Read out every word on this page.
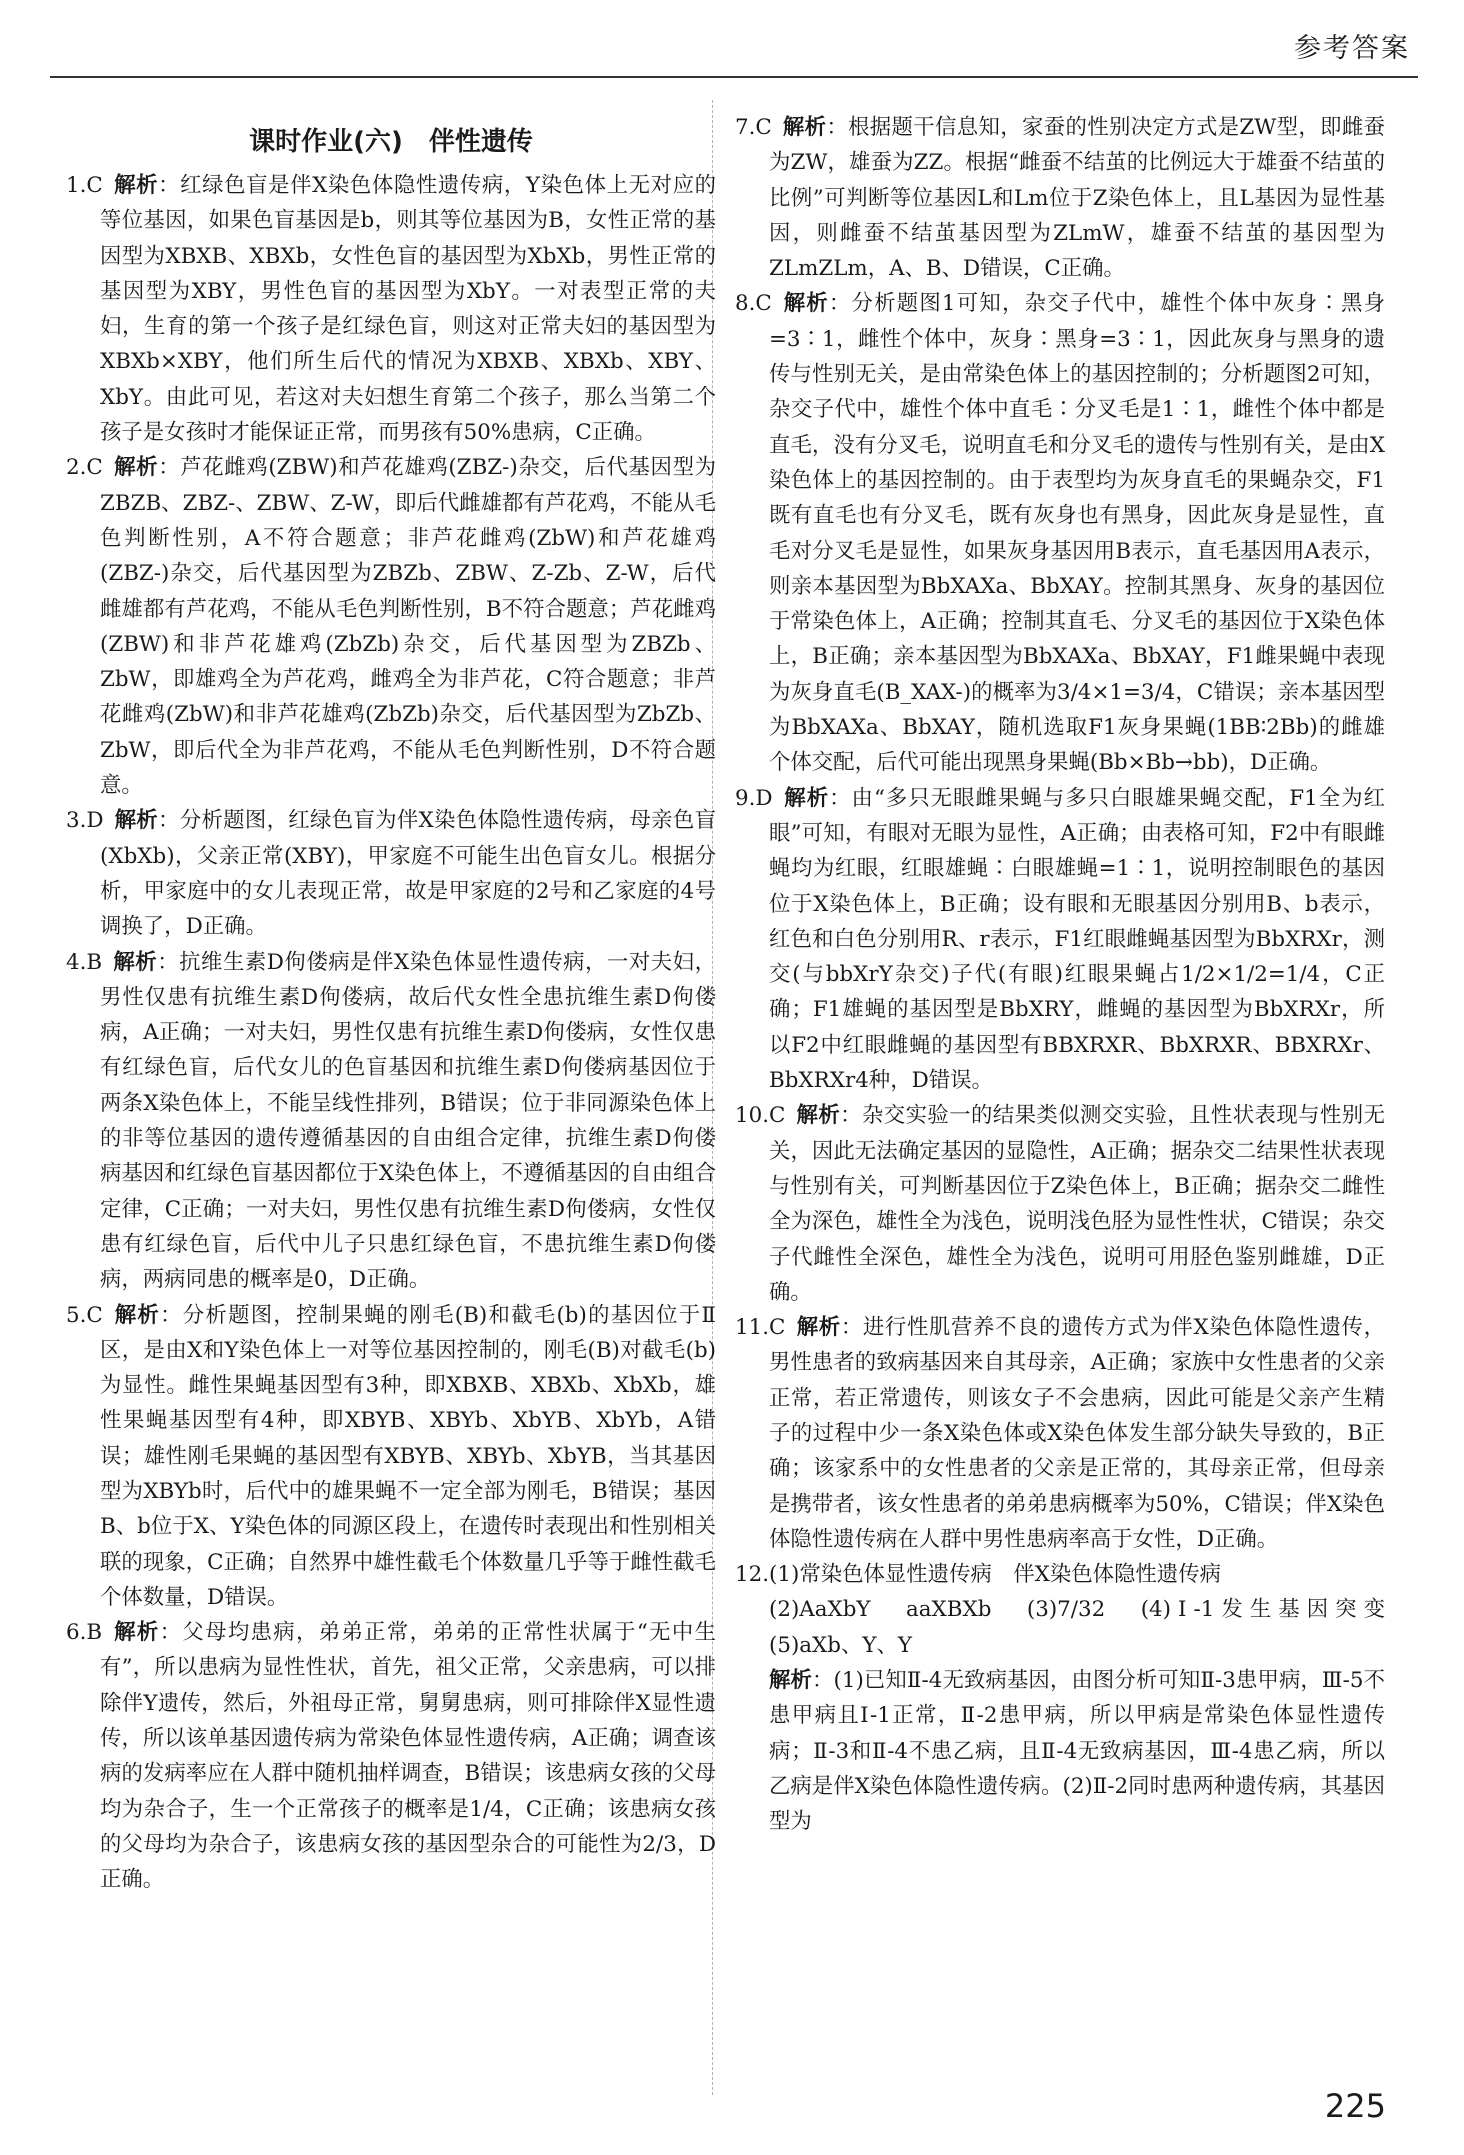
参考答案
课时作业(六)　伴性遗传

1.C  解析：红绿色盲是伴X染色体隐性遗传病，Y染色体上无对应的等位基因，如果色盲基因是b，则其等位基因为B，女性正常的基因型为XBXB、XBXb，女性色盲的基因型为XbXb，男性正常的基因型为XBY，男性色盲的基因型为XbY。一对表型正常的夫妇，生育的第一个孩子是红绿色盲，则这对正常夫妇的基因型为XBXb×XBY，他们所生后代的情况为XBXB、XBXb、XBY、XbY。由此可见，若这对夫妇想生育第二个孩子，那么当第二个孩子是女孩时才能保证正常，而男孩有50%患病，C正确。

2.C  解析：芦花雌鸡(ZBW)和芦花雄鸡(ZBZ-)杂交，后代基因型为ZBZB、ZBZ-、ZBW、Z-W，即后代雌雄都有芦花鸡，不能从毛色判断性别，A不符合题意；非芦花雌鸡(ZbW)和芦花雄鸡(ZBZ-)杂交，后代基因型为ZBZb、ZBW、Z-Zb、Z-W，后代雌雄都有芦花鸡，不能从毛色判断性别，B不符合题意；芦花雌鸡(ZBW)和非芦花雄鸡(ZbZb)杂交，后代基因型为ZBZb、ZbW，即雄鸡全为芦花鸡，雌鸡全为非芦花，C符合题意；非芦花雌鸡(ZbW)和非芦花雄鸡(ZbZb)杂交，后代基因型为ZbZb、ZbW，即后代全为非芦花鸡，不能从毛色判断性别，D不符合题意。

3.D  解析：分析题图，红绿色盲为伴X染色体隐性遗传病，母亲色盲(XbXb)，父亲正常(XBY)，甲家庭不可能生出色盲女儿。根据分析，甲家庭中的女儿表现正常，故是甲家庭的2号和乙家庭的4号调换了，D正确。

4.B  解析：抗维生素D佝偻病是伴X染色体显性遗传病，一对夫妇，男性仅患有抗维生素D佝偻病，故后代女性全患抗维生素D佝偻病，A正确；一对夫妇，男性仅患有抗维生素D佝偻病，女性仅患有红绿色盲，后代女儿的色盲基因和抗维生素D佝偻病基因位于两条X染色体上，不能呈线性排列，B错误；位于非同源染色体上的非等位基因的遗传遵循基因的自由组合定律，抗维生素D佝偻病基因和红绿色盲基因都位于X染色体上，不遵循基因的自由组合定律，C正确；一对夫妇，男性仅患有抗维生素D佝偻病，女性仅患有红绿色盲，后代中儿子只患红绿色盲，不患抗维生素D佝偻病，两病同患的概率是0，D正确。

5.C  解析：分析题图，控制果蝇的刚毛(B)和截毛(b)的基因位于Ⅱ区，是由X和Y染色体上一对等位基因控制的，刚毛(B)对截毛(b)为显性。雌性果蝇基因型有3种，即XBXB、XBXb、XbXb，雄性果蝇基因型有4种，即XBYB、XBYb、XbYB、XbYb，A错误；雄性刚毛果蝇的基因型有XBYB、XBYb、XbYB，当其基因型为XBYb时，后代中的雄果蝇不一定全部为刚毛，B错误；基因B、b位于X、Y染色体的同源区段上，在遗传时表现出和性别相关联的现象，C正确；自然界中雄性截毛个体数量几乎等于雌性截毛个体数量，D错误。

6.B  解析：父母均患病，弟弟正常，弟弟的正常性状属于“无中生有”，所以患病为显性性状，首先，祖父正常，父亲患病，可以排除伴Y遗传，然后，外祖母正常，舅舅患病，则可排除伴X显性遗传，所以该单基因遗传病为常染色体显性遗传病，A正确；调查该病的发病率应在人群中随机抽样调查，B错误；该患病女孩的父母均为杂合子，生一个正常孩子的概率是1/4，C正确；该患病女孩的父母均为杂合子，该患病女孩的基因型杂合的可能性为2/3，D正确。

7.C  解析：根据题干信息知，家蚕的性别决定方式是ZW型，即雌蚕为ZW，雄蚕为ZZ。根据“雌蚕不结茧的比例远大于雄蚕不结茧的比例”可判断等位基因L和Lm位于Z染色体上，且L基因为显性基因，则雌蚕不结茧基因型为ZLmW，雄蚕不结茧的基因型为ZLmZLm，A、B、D错误，C正确。

8.C  解析：分析题图1可知，杂交子代中，雄性个体中灰身∶黑身=3∶1，雌性个体中，灰身∶黑身=3∶1，因此灰身与黑身的遗传与性别无关，是由常染色体上的基因控制的；分析题图2可知，杂交子代中，雄性个体中直毛∶分叉毛是1∶1，雌性个体中都是直毛，没有分叉毛，说明直毛和分叉毛的遗传与性别有关，是由X染色体上的基因控制的。由于表型均为灰身直毛的果蝇杂交，F1既有直毛也有分叉毛，既有灰身也有黑身，因此灰身是显性，直毛对分叉毛是显性，如果灰身基因用B表示，直毛基因用A表示，则亲本基因型为BbXAXa、BbXAY。控制其黑身、灰身的基因位于常染色体上，A正确；控制其直毛、分叉毛的基因位于X染色体上，B正确；亲本基因型为BbXAXa、BbXAY，F1雌果蝇中表现为灰身直毛(B_XAX-)的概率为3/4×1=3/4，C错误；亲本基因型为BbXAXa、BbXAY，随机选取F1灰身果蝇(1BB∶2Bb)的雌雄个体交配，后代可能出现黑身果蝇(Bb×Bb→bb)，D正确。

9.D  解析：由“多只无眼雌果蝇与多只白眼雄果蝇交配，F1全为红眼”可知，有眼对无眼为显性，A正确；由表格可知，F2中有眼雌蝇均为红眼，红眼雄蝇∶白眼雄蝇=1∶1，说明控制眼色的基因位于X染色体上，B正确；设有眼和无眼基因分别用B、b表示，红色和白色分别用R、r表示，F1红眼雌蝇基因型为BbXRXr，测交(与bbXrY杂交)子代(有眼)红眼果蝇占1/2×1/2=1/4，C正确；F1雄蝇的基因型是BbXRY，雌蝇的基因型为BbXRXr，所以F2中红眼雌蝇的基因型有BBXRXR、BbXRXR、BBXRXr、BbXRXr4种，D错误。

10.C  解析：杂交实验一的结果类似测交实验，且性状表现与性别无关，因此无法确定基因的显隐性，A正确；据杂交二结果性状表现与性别有关，可判断基因位于Z染色体上，B正确；据杂交二雌性全为深色，雄性全为浅色，说明浅色胫为显性性状，C错误；杂交子代雌性全深色，雄性全为浅色，说明可用胫色鉴别雌雄，D正确。

11.C  解析：进行性肌营养不良的遗传方式为伴X染色体隐性遗传，男性患者的致病基因来自其母亲，A正确；家族中女性患者的父亲正常，若正常遗传，则该女子不会患病，因此可能是父亲产生精子的过程中少一条X染色体或X染色体发生部分缺失导致的，B正确；该家系中的女性患者的父亲是正常的，其母亲正常，但母亲是携带者，该女性患者的弟弟患病概率为50%，C错误；伴X染色体隐性遗传病在人群中男性患病率高于女性，D正确。

12.(1)常染色体显性遗传病　伴X染色体隐性遗传病

(2)AaXbY　aaXBXb　(3)7/32　(4)Ⅰ-1发生基因突变　(5)aXb、Y、Y

解析：(1)已知Ⅱ-4无致病基因，由图分析可知Ⅱ-3患甲病，Ⅲ-5不患甲病且Ⅰ-1正常，Ⅱ-2患甲病，所以甲病是常染色体显性遗传病；Ⅱ-3和Ⅱ-4不患乙病，且Ⅱ-4无致病基因，Ⅲ-4患乙病，所以乙病是伴X染色体隐性遗传病。(2)Ⅱ-2同时患两种遗传病，其基因型为

225
